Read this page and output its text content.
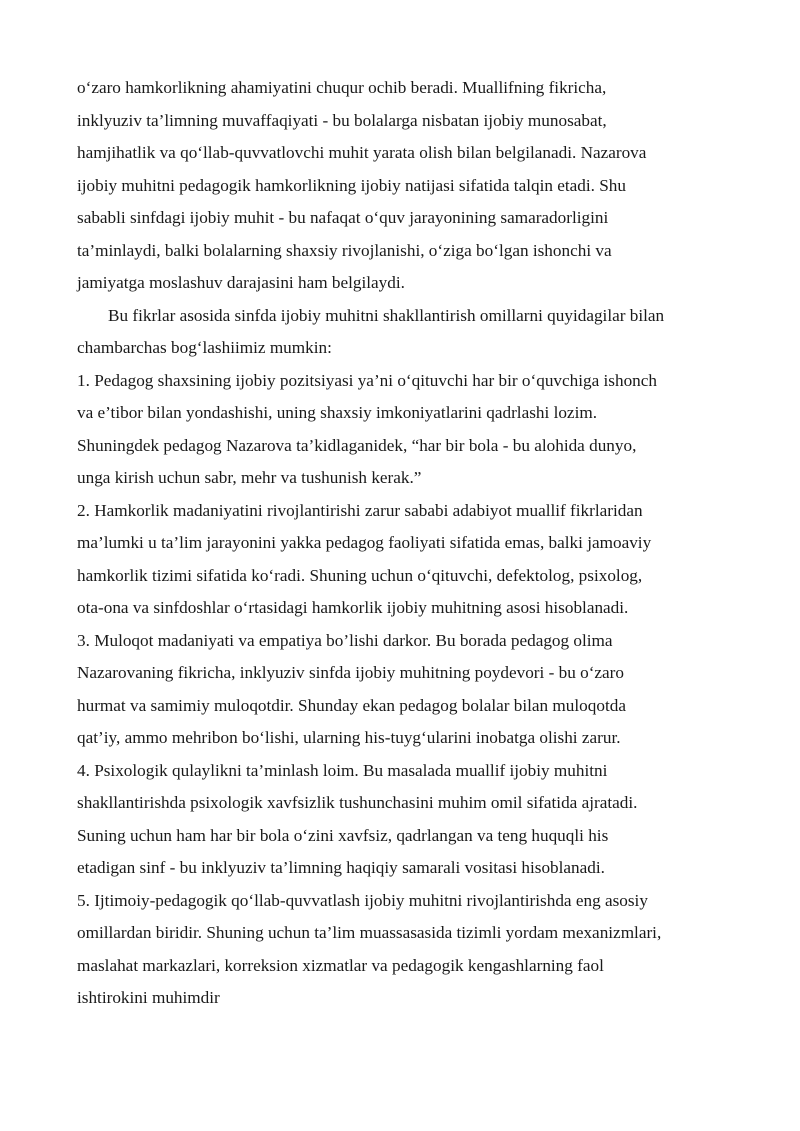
o‘zaro hamkorlikning ahamiyatini chuqur ochib beradi. Muallifning fikricha,
inklyuziv ta’limning muvaffaqiyati - bu bolalarga nisbatan ijobiy munosabat,
hamjihatlik va qo‘llab-quvvatlovchi muhit yarata olish bilan belgilanadi. Nazarova
ijobiy muhitni pedagogik hamkorlikning ijobiy natijasi sifatida talqin etadi. Shu
sababli sinfdagi ijobiy muhit - bu nafaqat o‘quv jarayonining samaradorligini
ta’minlaydi, balki bolalarning shaxsiy rivojlanishi, o‘ziga bo‘lgan ishonchi va
jamiyatga moslashuv darajasini ham belgilaydi.
Bu fikrlar asosida sinfda ijobiy muhitni shakllantirish omillarni quyidagilar bilan
chambarchas bog‘lashiimiz mumkin:
1. Pedagog shaxsining ijobiy pozitsiyasi ya’ni o‘qituvchi har bir o‘quvchiga ishonch
va e’tibor bilan yondashishi, uning shaxsiy imkoniyatlarini qadrlashi lozim.
Shuningdek pedagog Nazarova ta’kidlaganidek, “har bir bola - bu alohida dunyo,
unga kirish uchun sabr, mehr va tushunish kerak.”
2. Hamkorlik madaniyatini rivojlantirishi zarur sababi adabiyot muallif fikrlaridan
ma’lumki u ta’lim jarayonini yakka pedagog faoliyati sifatida emas, balki jamoaviy
hamkorlik tizimi sifatida ko‘radi. Shuning uchun o‘qituvchi, defektolog, psixolog,
ota-ona va sinfdoshlar o‘rtasidagi hamkorlik ijobiy muhitning asosi hisoblanadi.
3. Muloqot madaniyati va empatiya bo’lishi darkor. Bu borada pedagog olima
Nazarovaning fikricha, inklyuziv sinfda ijobiy muhitning poydevori - bu o‘zaro
hurmat va samimiy muloqotdir. Shunday ekan pedagog bolalar bilan muloqotda
qat’iy, ammo mehribon bo‘lishi, ularning his-tuyg‘ularini inobatga olishi zarur.
4. Psixologik qulaylikni ta’minlash loim. Bu masalada muallif ijobiy muhitni
shakllantirishda psixologik xavfsizlik tushunchasini muhim omil sifatida ajratadi.
Suning uchun ham har bir bola o‘zini xavfsiz, qadrlangan va teng huquqli his
etadigan sinf - bu inklyuziv ta’limning haqiqiy samarali vositasi hisoblanadi.
5. Ijtimoiy-pedagogik qo‘llab-quvvatlash ijobiy muhitni rivojlantirishda eng asosiy
omillardan biridir. Shuning uchun ta’lim muassasasida tizimli yordam mexanizmlari,
maslahat markazlari, korreksion xizmatlar va pedagogik kengashlarning faol
ishtirokini muhimdir
